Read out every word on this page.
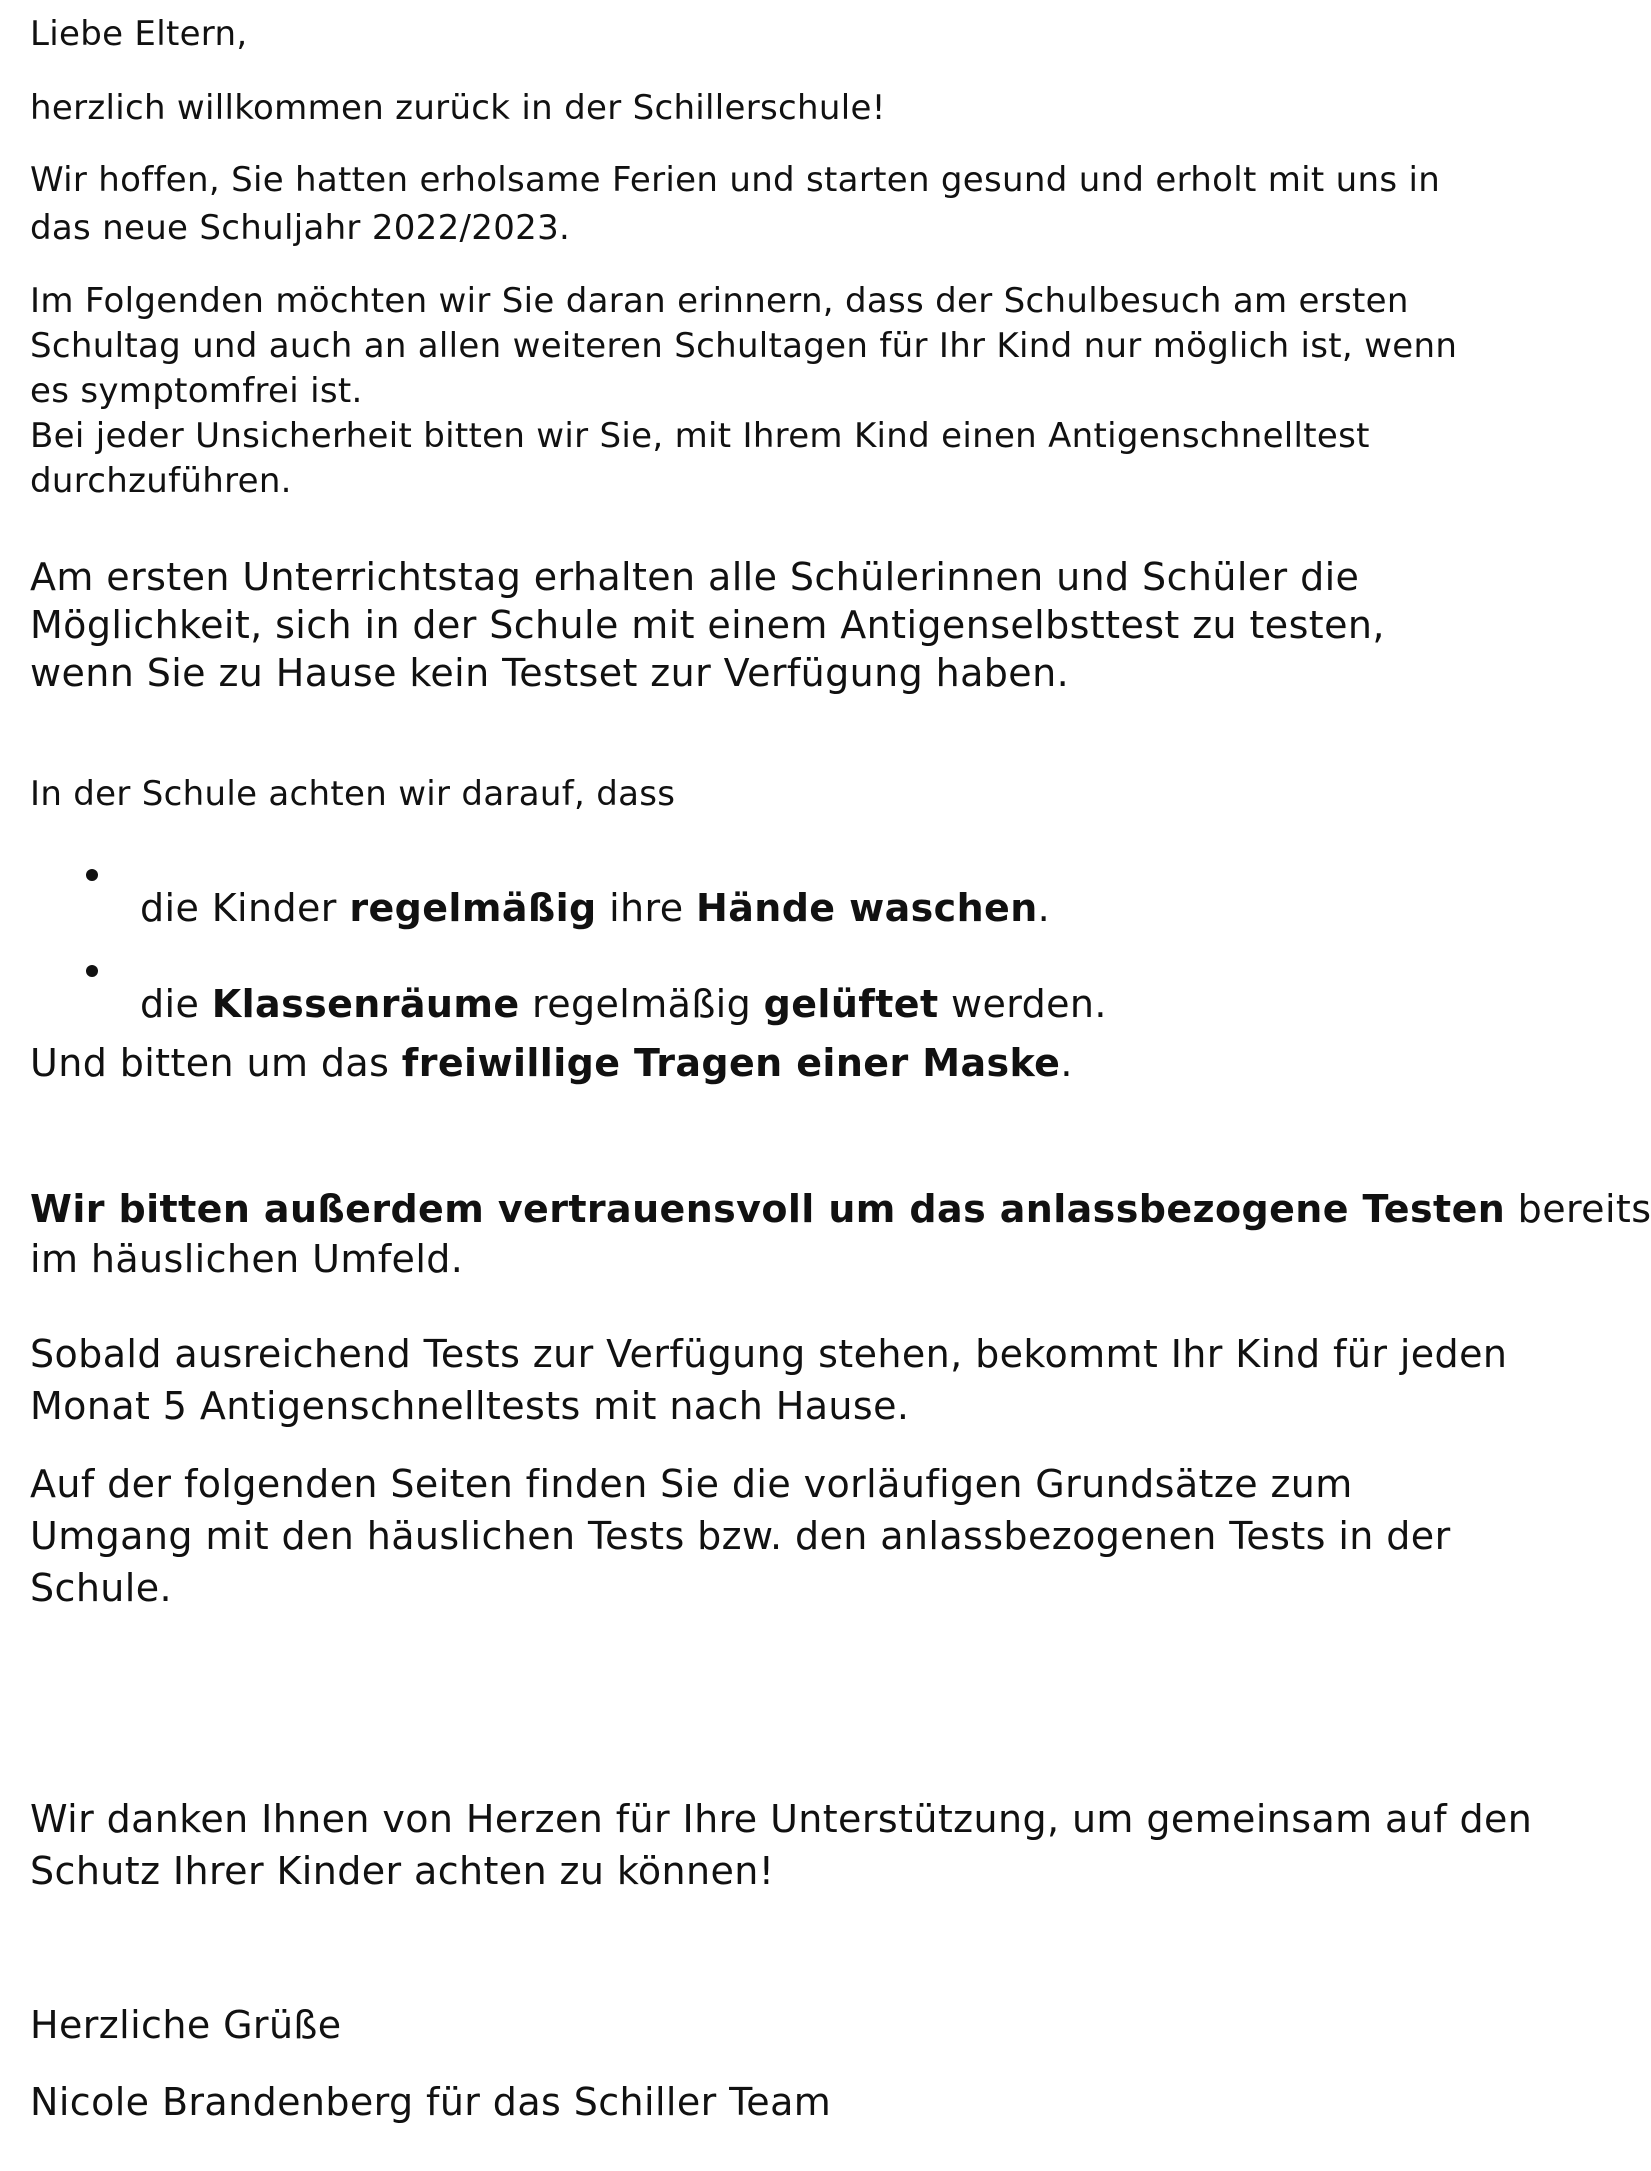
Liebe Eltern,

herzlich willkommen zurück in der Schillerschule!

Wir hoffen, Sie hatten erholsame Ferien und starten gesund und erholt mit uns in

das neue Schuljahr 2022/2023.

Im Folgenden möchten wir Sie daran erinnern, dass der Schulbesuch am ersten

Schultag und auch an allen weiteren Schultagen für Ihr Kind nur möglich ist, wenn

es symptomfrei ist.

Bei jeder Unsicherheit bitten wir Sie, mit Ihrem Kind einen Antigenschnelltest

durchzuführen.

Am ersten Unterrichtstag erhalten alle Schülerinnen und Schüler die

Möglichkeit, sich in der Schule mit einem Antigenselbsttest zu testen,

wenn Sie zu Hause kein Testset zur Verfügung haben.

In der Schule achten wir darauf, dass

die Kinder regelmäßig ihre Hände waschen.

die Klassenräume regelmäßig gelüftet werden.

Und bitten um das freiwillige Tragen einer Maske.

Wir bitten außerdem vertrauensvoll um das anlassbezogene Testen bereits

im häuslichen Umfeld.

Sobald ausreichend Tests zur Verfügung stehen, bekommt Ihr Kind für jeden

Monat 5 Antigenschnelltests mit nach Hause.

Auf der folgenden Seiten finden Sie die vorläufigen Grundsätze zum

Umgang mit den häuslichen Tests bzw. den anlassbezogenen Tests in der

Schule.

Wir danken Ihnen von Herzen für Ihre Unterstützung, um gemeinsam auf den

Schutz Ihrer Kinder achten zu können!

Herzliche Grüße

Nicole Brandenberg für das Schiller Team
